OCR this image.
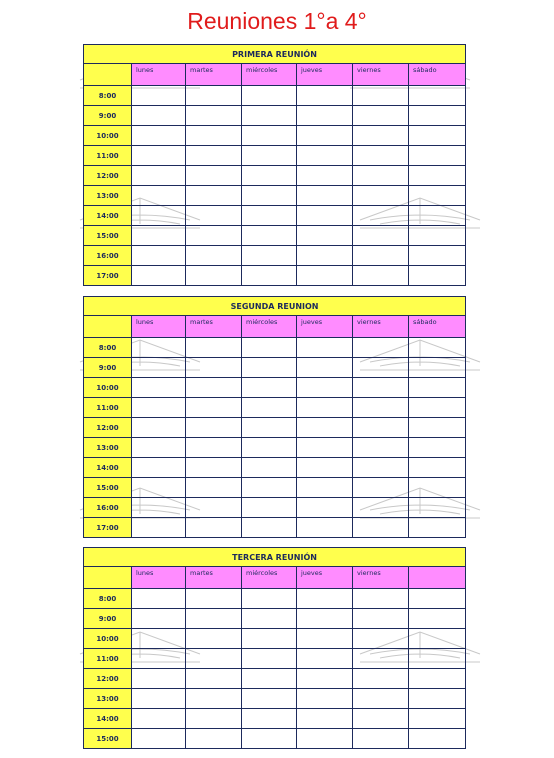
Reuniones 1°a 4°
PRIMERA REUNIÓN						
	lunes	martes	miércoles	jueves	viernes	sábado
8:00						
9:00						
10:00						
11:00						
12:00						
13:00						
14:00						
15:00						
16:00						
17:00						
SEGUNDA REUNION						
	lunes	martes	miércoles	jueves	viernes	sábado
8:00						
9:00						
10:00						
11:00						
12:00						
13:00						
14:00						
15:00						
16:00						
17:00						
TERCERA REUNIÓN						
	lunes	martes	miércoles	jueves	viernes	
8:00						
9:00						
10:00						
11:00						
12:00						
13:00						
14:00						
15:00						
